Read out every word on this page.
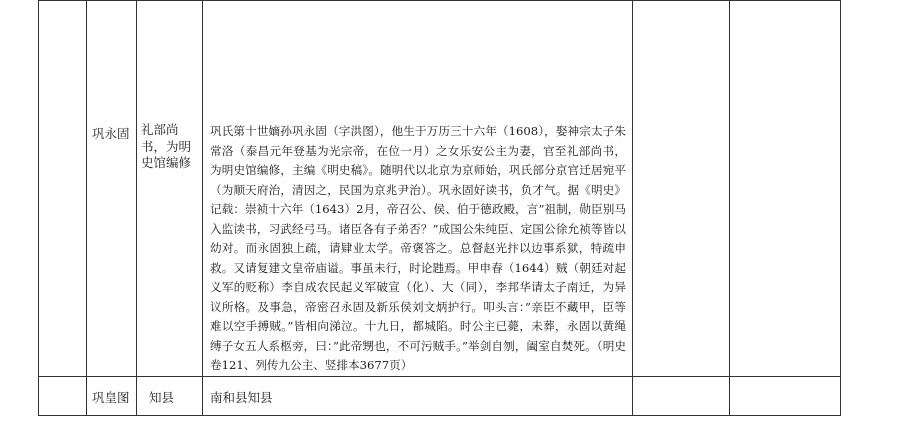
	巩永固	礼部尚书，为明史馆编修	巩氏第十世嫡孙巩永固（字洪图），他生于万历三十六年（1608），娶神宗太子朱常洛（泰昌元年登基为光宗帝，在位一月）之女乐安公主为妻，官至礼部尚书，为明史馆编修，主编《明史稿》。随明代以北京为京师始，巩氏部分京官迁居宛平（为顺天府治，清因之，民国为京兆尹治）。巩永固好读书，负才气。据《明史》记载：崇祯十六年（1643）2月，帝召公、侯、伯于德政殿，言”祖制，勋臣别马入监读书，习武经弓马。诸臣各有子弟否？”成国公朱纯臣、定国公徐允祯等皆以幼对。而永固独上疏，请肄业太学。帝褒答之。总督赵光抃以边事系狱，特疏申救。又请复建文皇帝庙谥。事虽未行，时论韪焉。甲申春（1644）贼（朝廷对起义军的贬称）李自成农民起义军破宣（化）、大（同），李邦华请太子南迁，为异议所格。及事急，帝密召永固及新乐侯刘文炳护行。叩头言：”亲臣不藏甲，臣等难以空手搏贼。”皆相向涕泣。十九日，都城陷。时公主已薨，未葬，永固以黄绳缚子女五人系柩旁，曰：”此帝甥也，不可污贼手。”举剑自刎，阖室自焚死。（明史卷121、列传九公主、竖排本3677页）		

	巩皇图	知县	南和县知县		
